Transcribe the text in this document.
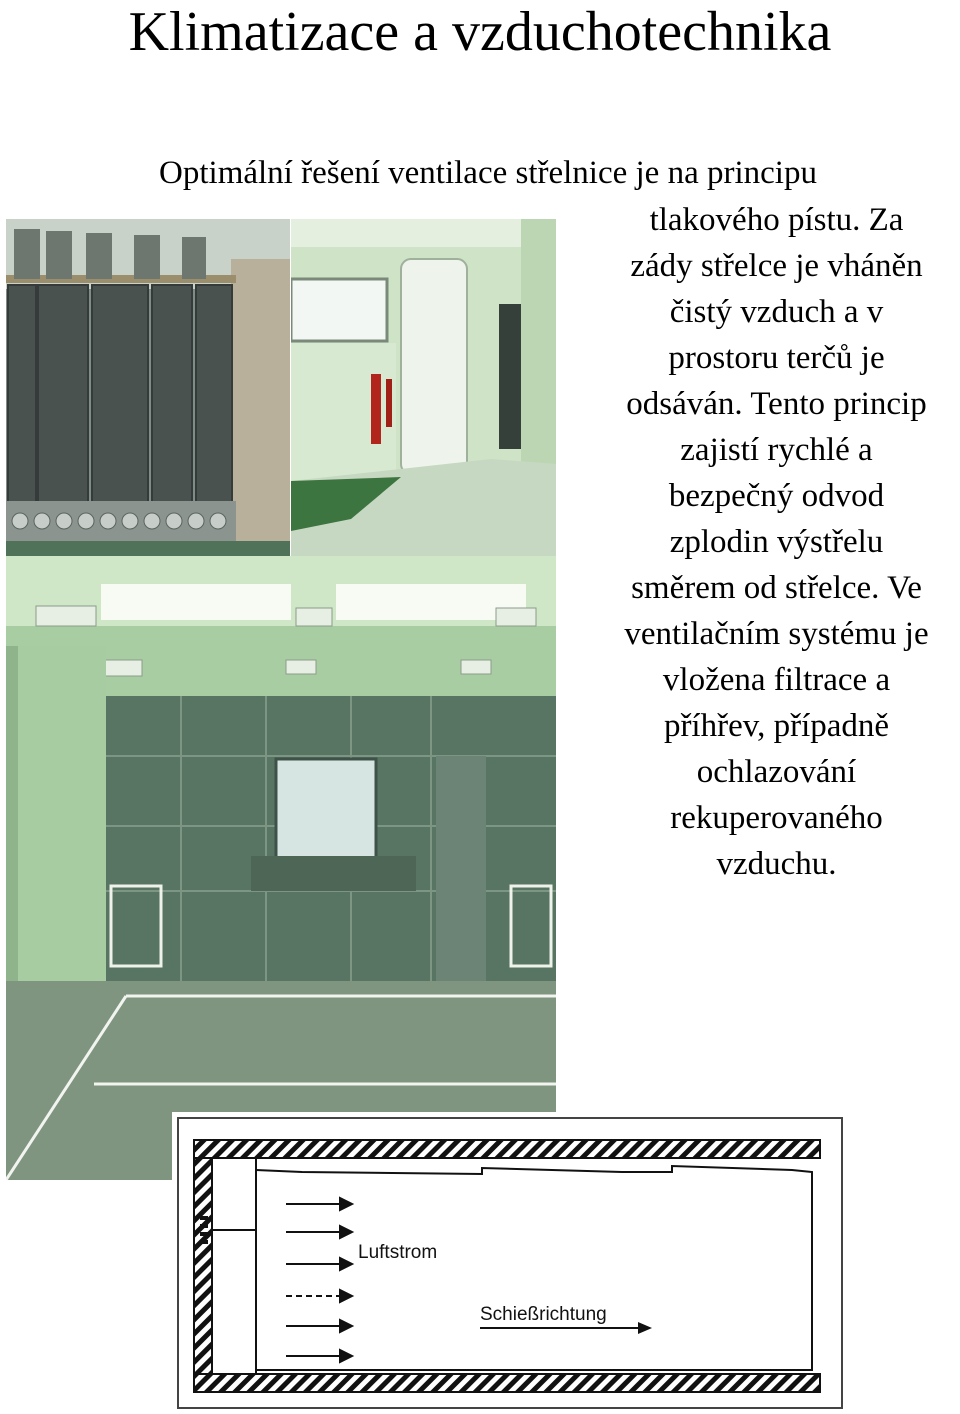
Klimatizace a vzduchotechnika
Optimální řešení ventilace střelnice je na principu
tlakového pístu. Za
zády střelce je vháněn
čistý vzduch a v
prostoru terčů je
odsáván. Tento princip
zajistí rychlé a
bezpečný odvod
zplodin výstřelu
směrem od střelce. Ve
ventilačním systému je
vložena filtrace a
příhřev, případně
ochlazování
rekuperovaného
vzduchu.
Luftstrom
Schießrichtung
